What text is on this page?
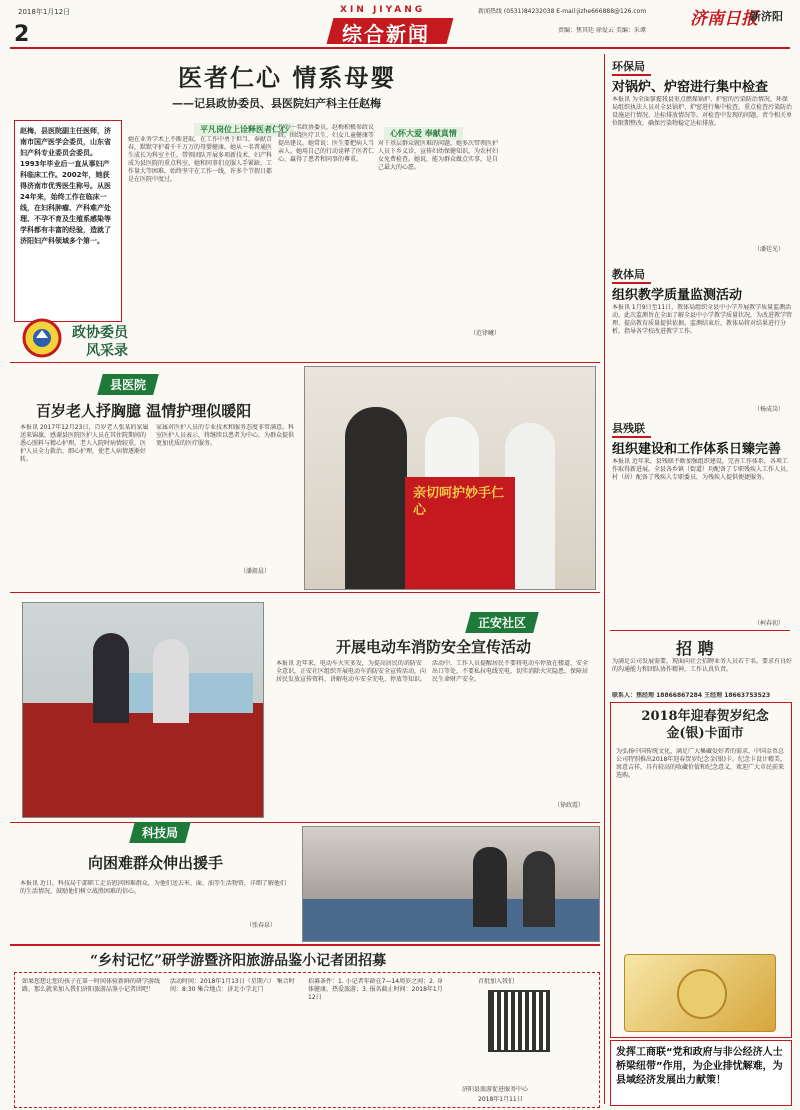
2018年1月12日	XIN JIYANG
2	综合新闻
新闻热线 (0531)84232038 E-mail:jizhe666888@126.com
责编：焦其廷 徐爱云 美编：朱谭
济南日报
新济阳
医者仁心 情系母婴
——记县政协委员、县医院妇产科主任赵梅
赵梅，县医院副主任医师，济南市国产医学会委员，山东省妇产科专业委员会委员。1993年毕业后一直从事妇产科临床工作。2002年，她获得济南市优秀医生称号。从医24年来，始终工作在临床一线，在妇科肿瘤、产科难产处理、不孕不育及生殖系感染等学科都有丰富的经验，造就了济阳妇产科领域多个第一。
政协委员
风采录
平凡岗位上诠释医者仁心
她在业务学术上不断进取，在工作中勇于担当，奉献青春，默默守护着千千万万的母婴健康。她从一名普通医生成长为科室主任，带领团队开展多项新技术，妇产科成为县医院的重点科室。她和同事们克服人手紧缺、工作量大等困难，始终坚守在工作一线，许多个节假日都是在医院中度过。
作为一名政协委员，赵梅积极参政议政，围绕医疗卫生、妇女儿童健康等提出建议。她常说：医生要把病人当亲人。她用自己的行动诠释了医者仁心，赢得了患者和同事的尊重。
心怀大爱 奉献真情
对于基层群众就医难的问题，她多次带领医护人员下乡义诊，宣传妇幼保健知识，为农村妇女免费检查。她说，能为群众做点实事，是自己最大的心愿。
（范律曦）
县医院
百岁老人抒胸臆 温情护理似暖阳
本报讯 2017年12月23日，百岁老人张某的家属送来锦旗，感谢县医院医护人员在其住院期间的悉心照料与精心护理。老人入院时病情较重，医护人员全力救治，细心护理，使老人病情逐渐好转。
家属对医护人员的专业技术和服务态度非常满意。科室医护人员表示，将继续以患者为中心，为群众提供更加优质的医疗服务。
（潘鉏晨）
亲切呵护妙手仁心
正安社区
开展电动车消防安全宣传活动
本报讯 近年来，电动车火灾多发，为提高居民的消防安全意识，正安社区组织开展电动车消防安全宣传活动，向居民发放宣传资料，讲解电动车安全充电、停放等知识。
活动中，工作人员提醒居民不要将电动车停放在楼道、安全出口等处，不要私拉电线充电，切实消除火灾隐患，保障居民生命财产安全。
（徐政霞）
科技局
向困难群众伸出援手
本报讯 近日，科技局干部职工走访慰问困难群众，为他们送去米、面、油等生活物资，详细了解他们的生活情况，鼓励他们树立战胜困难的信心。
（张春泉）
“乡村记忆”研学游暨济阳旅游品鉴小记者团招募
如果您想让您的孩子在第一时间体验新鲜的研学游线路，那么就来加入我们济阳旅游品鉴小记者团吧！
活动时间：2018年1月13日（星期六） 集合时间：8:30 集合地点：济北小学北门
招募条件：1. 小记者年龄在7—14周岁之间；2. 身体健康，热爱旅游；3. 报名截止时间：2018年1月12日
首批加入我们
济阳县旅游促进服务中心
2018年1月11日
环保局
对锅炉、炉窑进行集中检查
本报讯 为全面掌握我县重点燃煤锅炉、炉窑的污染防治情况，环保局组织执法人员对全县锅炉、炉窑进行集中检查，重点检查污染防治设施运行情况、达标排放情况等。对检查中发现的问题，责令相关单位限期整改，确保污染物稳定达标排放。
（潘廷光）
教体局
组织教学质量监测活动
本报讯 1月9日至11日，教体局组织全县中小学开展教学质量监测活动。此次监测旨在全面了解全县中小学教学质量状况，为改进教学管理、提高教育质量提供依据。监测结束后，教体局将对结果进行分析，指导各学校改进教学工作。
（杨成岗）
县残联
组织建设和工作体系日臻完善
本报讯 近年来，县残联不断加强组织建设，完善工作体系，各项工作取得新进展。全县各乡镇（街道）均配备了专职残疾人工作人员，村（居）配备了残疾人专职委员，为残疾人提供便捷服务。
（柯春初）
招 聘
为满足公司发展需要，现面向社会招聘业务人员若干名，要求有良好的沟通能力和团队协作精神，工作认真负责。
联系人：焦经理 18866867284 王经理 18663753523
2018年迎春贺岁纪念金(银)卡面市
为弘扬中国传统文化，满足广大集藏爱好者的需求，中国金币总公司特别推出2018年迎春贺岁纪念金(银)卡。纪念卡设计精美，寓意吉祥，具有较高的收藏价值和纪念意义，欢迎广大市民前来选购。
发挥工商联“党和政府与非公经济人士桥梁纽带”作用，为企业排忧解难，为县域经济发展出力献策！
